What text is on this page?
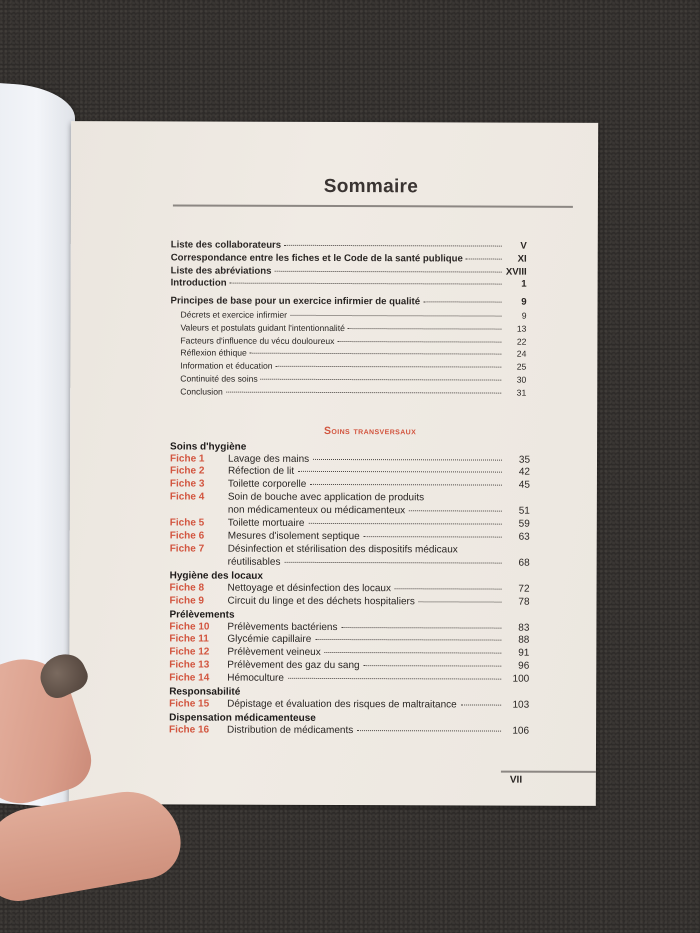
Sommaire
Liste des collaborateurs	V
Correspondance entre les fiches et le Code de la santé publique	XI
Liste des abréviations	XVIII
Introduction	1
Principes de base pour un exercice infirmier de qualité	9
Décrets et exercice infirmier	9
Valeurs et postulats guidant l'intentionnalité	13
Facteurs d'influence du vécu douloureux	22
Réflexion éthique	24
Information et éducation	25
Continuité des soins	30
Conclusion	31
Soins transversaux
Soins d'hygiène
Fiche 1	Lavage des mains	35
Fiche 2	Réfection de lit	42
Fiche 3	Toilette corporelle	45
Fiche 4	Soin de bouche avec application de produits
non médicamenteux ou médicamenteux	51
Fiche 5	Toilette mortuaire	59
Fiche 6	Mesures d'isolement septique	63
Fiche 7	Désinfection et stérilisation des dispositifs médicaux
réutilisables	68
Hygiène des locaux
Fiche 8	Nettoyage et désinfection des locaux	72
Fiche 9	Circuit du linge et des déchets hospitaliers	78
Prélèvements
Fiche 10	Prélèvements bactériens	83
Fiche 11	Glycémie capillaire	88
Fiche 12	Prélèvement veineux	91
Fiche 13	Prélèvement des gaz du sang	96
Fiche 14	Hémoculture	100
Responsabilité
Fiche 15	Dépistage et évaluation des risques de maltraitance	103
Dispensation médicamenteuse
Fiche 16	Distribution de médicaments	106
VII
